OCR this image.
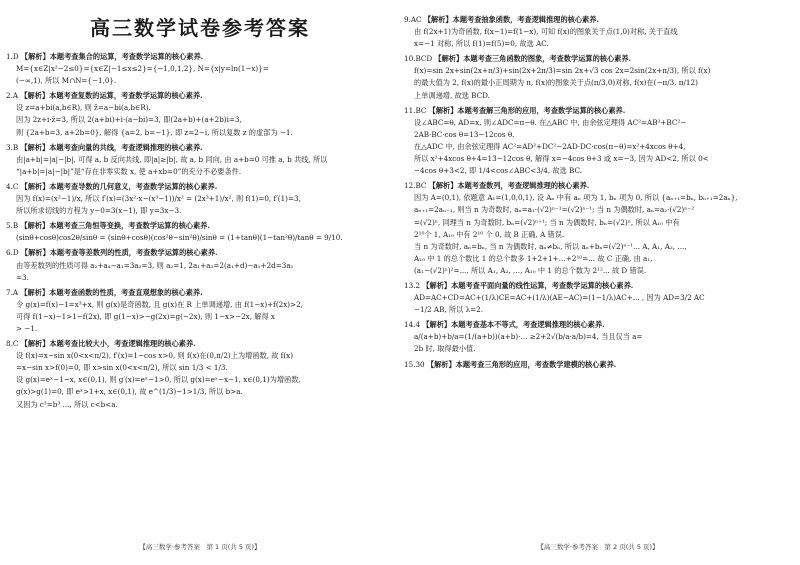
高三数学试卷参考答案
1.D 【解析】本题考查集合的运算，考查数学运算的核心素养.
M={x∈Z|x²−2≤0}={x∈Z|−1≤x≤2}={−1,0,1,2}, N={x|y=ln(1−x)}=
(−∞,1), 所以 M∩N={−1,0}.
2.A 【解析】本题考查复数的运算，考查数学运算的核心素养.
设 z=a+bi(a,b∈R), 则 z̄=a−bi(a,b∈R).
因为 2z+i·z̄=3, 所以 2(a+bi)+i·(a−bi)=3, 即(2a+b)+(a+2b)i=3,
则 {2a+b=3, a+2b=0}, 解得 {a=2, b=−1}, 即 z=2−i, 所以复数 z 的虚部为 −1.
3.B 【解析】本题考查向量的共线，考查逻辑推理的核心素养.
由|a+b|=|a|−|b|, 可得 a, b 反向共线, 即|a|≥|b|, 故 a, b 同向, 由 a+b=0 可推 a, b 共线, 所以
“|a+b|=|a|−|b|”是“存在非零实数 x, 使 a+xb=0”的充分不必要条件.
4.C 【解析】本题考查导数的几何意义，考查数学运算的核心素养.
因为 f(x)=(x²−1)/x, 所以 f′(x)=(3x²·x−(x³−1))/x² = (2x³+1)/x², 则 f(1)=0, f′(1)=3,
所以所求切线的方程为 y−0=3(x−1), 即 y=3x−3.
5.B 【解析】本题考查三角恒等变换，考查数学运算的核心素养.
(sinθ+cosθ)cos2θ/sinθ = (sinθ+cosθ)(cos²θ−sin²θ)/sinθ = (1+tanθ)(1−tan²θ)/tanθ = 9/10.
6.D 【解析】本题考查等差数列的性质，考查数学运算的核心素养.
由等差数列的性质可得 a₂+a₄−a₁=3a₂=3, 则 a₂=1, 2a₁+a₃=2(a₁+d)−a₁+2d=3a₁
=3.
7.A 【解析】本题考查函数的性质，考查直观想象的核心素养.
令 g(x)=f(x)−1=x³+x, 则 g(x)是奇函数, 且 g(x)在 R 上单调递增, 由 f(1−x)+f(2x)>2,
可得 f(1−x)−1>1−f(2x), 即 g(1−x)>−g(2x)=g(−2x), 则 1−x>−2x, 解得 x
> −1.
8.C 【解析】本题考查比较大小，考查逻辑推理的核心素养.
设 f(x)=x−sin x(0<x<π/2), f′(x)=1−cos x>0, 则 f(x)在(0,π/2)上为增函数, 故 f(x)
=x−sin x>f(0)=0, 即 x>sin x(0<x<π/2), 所以 sin 1/3 < 1/3.
设 g(x)=eˣ−1−x, x∈(0,1), 则 g′(x)=eˣ−1>0, 所以 g(x)=eˣ−x−1, x∈(0,1)为增函数,
g(x)>g(1)=0, 即 eˣ>1+x, x∈(0,1), 故 e^(1/3)−1>1/3, 所以 b>a.
又因为 c³=b³ ..., 所以 c<b<a.
【高三数学·参考答案　第 1 页(共 5 页)】
9.AC 【解析】本题考查抽象函数，考查逻辑推理的核心素养.
由 f(2x+1)为奇函数, f(x−1)=f(1−x), 可知 f(x)的图象关于点(1,0)对称, 关于直线
x=−1 对称, 所以 f(1)=f(5)=0, 故选 AC.
10.BCD 【解析】本题考查三角函数的图象，考查数学运算的核心素养.
f(x)=sin 2x+sin(2x+π/3)+sin(2x+2π/3)=sin 2x+√3 cos 2x=2sin(2x+π/3), 所以 f(x)
的最大值为 2, f(x)的最小正周期为 π, f(x)的图象关于点(π/3,0)对称, f(x)在(−π/3, π/12)
上单调递增, 故选 BCD.
11.BC 【解析】本题考查解三角形的应用，考查数学运算的核心素养.
设∠ABC=θ, AD=x, 则∠ADC=π−θ. 在△ABC 中, 由余弦定理得 AC²=AB²+BC²−
2AB·BC·cos θ=13−12cos θ.
在△ADC 中, 由余弦定理得 AC²=AD²+DC²−2AD·DC·cos(π−θ)=x²+4xcos θ+4,
所以 x²+4xcos θ+4=13−12cos θ, 解得 x=−4cos θ+3 或 x=−3, 因为 AD<2, 所以 0<
−4cos θ+3<2, 即 1/4<cos∠ABC<3/4, 故选 BC.
12.BC 【解析】本题考查数列，考查逻辑推理的核心素养.
因为 A=(0,1), 依题意 A₁=(1,0,0,1), 设 Aₙ 中有 aₙ 项为 1, bₙ 项为 0, 所以 {aₙ₊₁=bₙ, bₙ₊₁=2aₙ},
aₙ₊₁=2aₙ₋₁, 则当 n 为奇数时, aₙ=a₁·(√2)ⁿ⁻¹=(√2)ⁿ⁻¹; 当 n 为偶数时, aₙ=a₂·(√2)ⁿ⁻²
=(√2)ⁿ, 同理当 n 为奇数时, bₙ=(√2)ⁿ⁺¹; 当 n 为偶数时, bₙ=(√2)ⁿ, 所以 A₁₀ 中有
2¹⁰个 1, A₁₀ 中有 2¹⁰ 个 0, 故 B 正确, A 错误.
当 n 为奇数时, aₙ=bₙ, 当 n 为偶数时, aₙ≠bₙ, 所以 aₙ+bₙ=(√2)ⁿ⁻¹... A, A₁, A₂, …,
A₁₀ 中 1 的总个数比 1 的总个数多 1+2+1+…+2¹⁰=... 故 C 正确, 由 a₁,
(a₁−(√2)ⁿ)²=..., 所以 A₁, A₂, …, A₁₀ 中 1 的总个数为 2¹²... 故 D 错误.
13.2 【解析】本题考查平面向量的线性运算，考查数学运算的核心素养.
AD=AC+CD=AC+(1/λ)CE=AC+(1/λ)(AE−AC)=(1−1/λ)AC+... , 因为 AD=3/2 AC
−1/2 AB, 所以 λ=2.
14.4 【解析】本题考查基本不等式，考查逻辑推理的核心素养.
a/(a+b)+b/a=(1/(a+b))(a+b)·... ≥2+2√(b/a·a/b)=4, 当且仅当 a=
2b 时, 取得最小值.
15.30 【解析】本题考查三角形的应用，考查数学建模的核心素养.
【高三数学·参考答案　第 2 页(共 5 页)】
